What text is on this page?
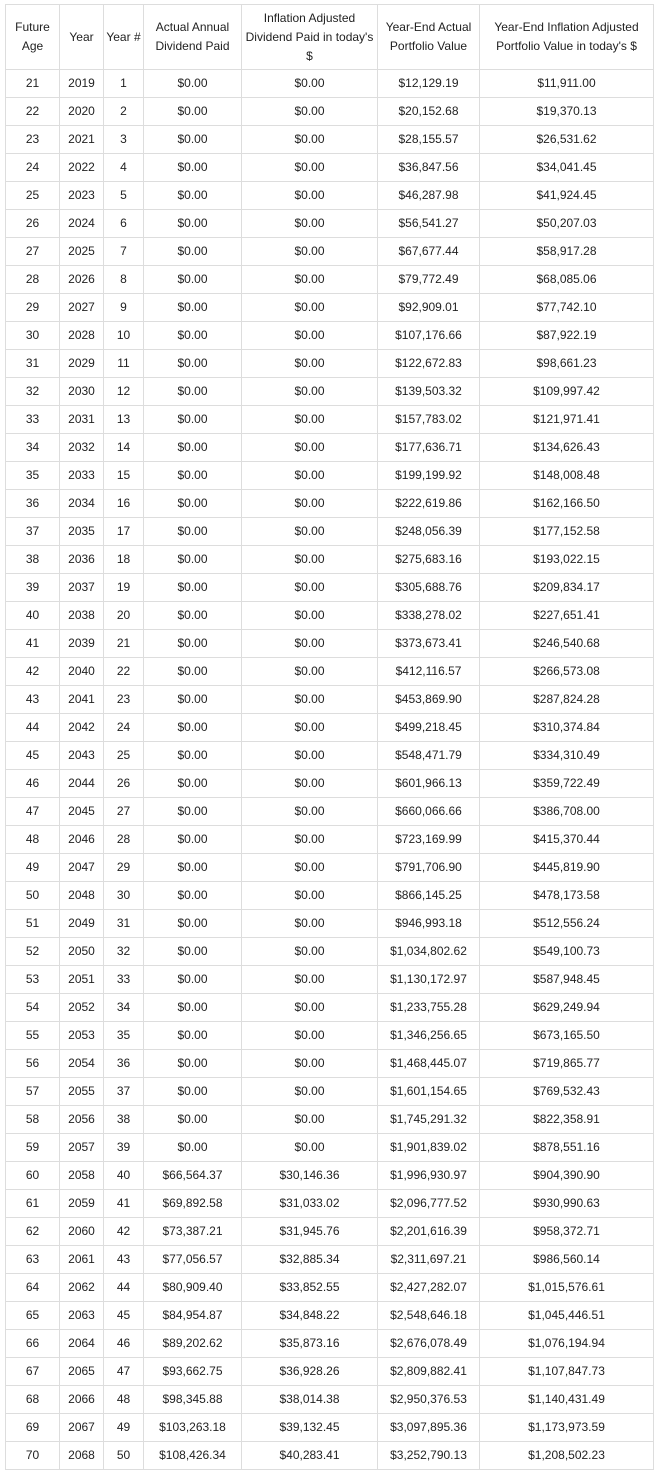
Future Age	Year	Year #	Actual Annual Dividend Paid	Inflation Adjusted Dividend Paid in today's $	Year-End Actual Portfolio Value	Year-End Inflation Adjusted Portfolio Value in today's $
21	2019	1	$0.00	$0.00	$12,129.19	$11,911.00
22	2020	2	$0.00	$0.00	$20,152.68	$19,370.13
23	2021	3	$0.00	$0.00	$28,155.57	$26,531.62
24	2022	4	$0.00	$0.00	$36,847.56	$34,041.45
25	2023	5	$0.00	$0.00	$46,287.98	$41,924.45
26	2024	6	$0.00	$0.00	$56,541.27	$50,207.03
27	2025	7	$0.00	$0.00	$67,677.44	$58,917.28
28	2026	8	$0.00	$0.00	$79,772.49	$68,085.06
29	2027	9	$0.00	$0.00	$92,909.01	$77,742.10
30	2028	10	$0.00	$0.00	$107,176.66	$87,922.19
31	2029	11	$0.00	$0.00	$122,672.83	$98,661.23
32	2030	12	$0.00	$0.00	$139,503.32	$109,997.42
33	2031	13	$0.00	$0.00	$157,783.02	$121,971.41
34	2032	14	$0.00	$0.00	$177,636.71	$134,626.43
35	2033	15	$0.00	$0.00	$199,199.92	$148,008.48
36	2034	16	$0.00	$0.00	$222,619.86	$162,166.50
37	2035	17	$0.00	$0.00	$248,056.39	$177,152.58
38	2036	18	$0.00	$0.00	$275,683.16	$193,022.15
39	2037	19	$0.00	$0.00	$305,688.76	$209,834.17
40	2038	20	$0.00	$0.00	$338,278.02	$227,651.41
41	2039	21	$0.00	$0.00	$373,673.41	$246,540.68
42	2040	22	$0.00	$0.00	$412,116.57	$266,573.08
43	2041	23	$0.00	$0.00	$453,869.90	$287,824.28
44	2042	24	$0.00	$0.00	$499,218.45	$310,374.84
45	2043	25	$0.00	$0.00	$548,471.79	$334,310.49
46	2044	26	$0.00	$0.00	$601,966.13	$359,722.49
47	2045	27	$0.00	$0.00	$660,066.66	$386,708.00
48	2046	28	$0.00	$0.00	$723,169.99	$415,370.44
49	2047	29	$0.00	$0.00	$791,706.90	$445,819.90
50	2048	30	$0.00	$0.00	$866,145.25	$478,173.58
51	2049	31	$0.00	$0.00	$946,993.18	$512,556.24
52	2050	32	$0.00	$0.00	$1,034,802.62	$549,100.73
53	2051	33	$0.00	$0.00	$1,130,172.97	$587,948.45
54	2052	34	$0.00	$0.00	$1,233,755.28	$629,249.94
55	2053	35	$0.00	$0.00	$1,346,256.65	$673,165.50
56	2054	36	$0.00	$0.00	$1,468,445.07	$719,865.77
57	2055	37	$0.00	$0.00	$1,601,154.65	$769,532.43
58	2056	38	$0.00	$0.00	$1,745,291.32	$822,358.91
59	2057	39	$0.00	$0.00	$1,901,839.02	$878,551.16
60	2058	40	$66,564.37	$30,146.36	$1,996,930.97	$904,390.90
61	2059	41	$69,892.58	$31,033.02	$2,096,777.52	$930,990.63
62	2060	42	$73,387.21	$31,945.76	$2,201,616.39	$958,372.71
63	2061	43	$77,056.57	$32,885.34	$2,311,697.21	$986,560.14
64	2062	44	$80,909.40	$33,852.55	$2,427,282.07	$1,015,576.61
65	2063	45	$84,954.87	$34,848.22	$2,548,646.18	$1,045,446.51
66	2064	46	$89,202.62	$35,873.16	$2,676,078.49	$1,076,194.94
67	2065	47	$93,662.75	$36,928.26	$2,809,882.41	$1,107,847.73
68	2066	48	$98,345.88	$38,014.38	$2,950,376.53	$1,140,431.49
69	2067	49	$103,263.18	$39,132.45	$3,097,895.36	$1,173,973.59
70	2068	50	$108,426.34	$40,283.41	$3,252,790.13	$1,208,502.23
